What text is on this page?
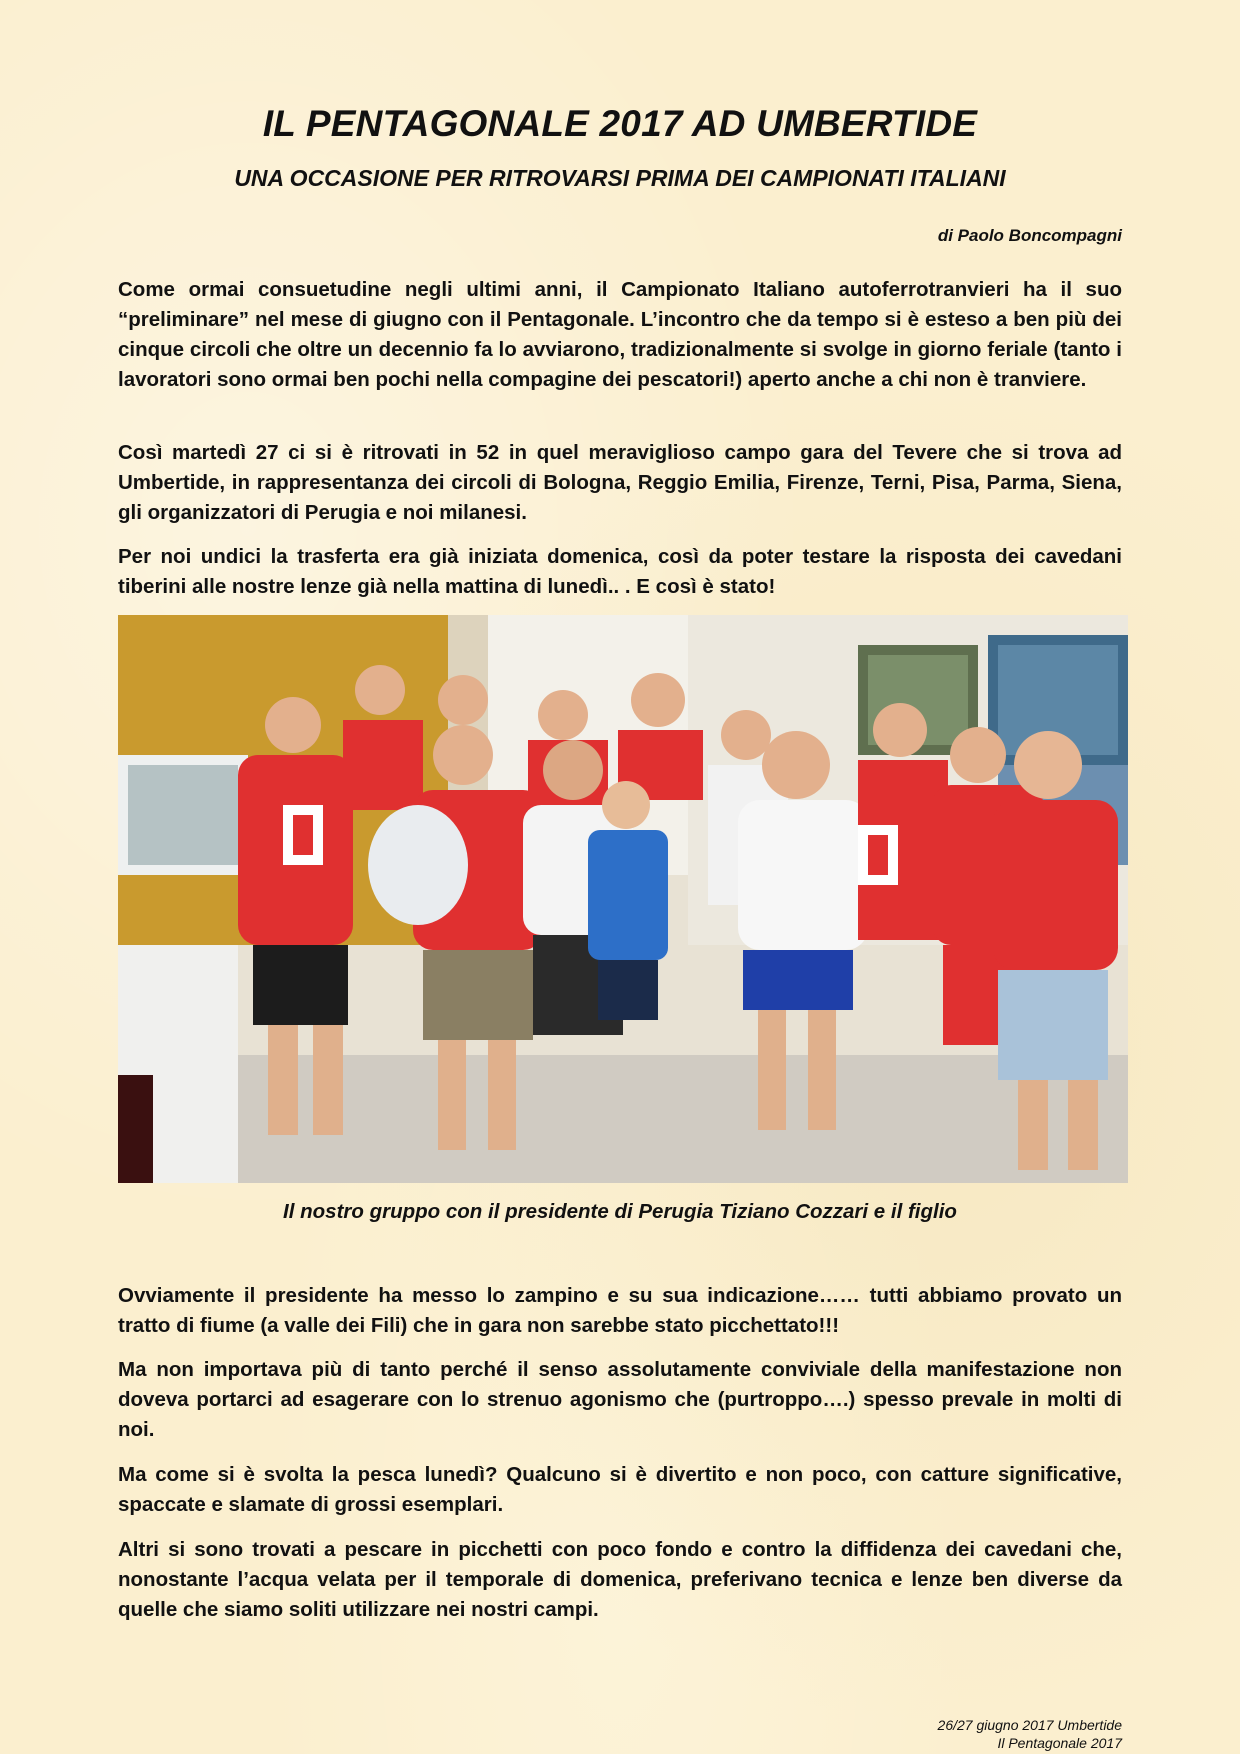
IL PENTAGONALE 2017 AD UMBERTIDE
UNA OCCASIONE PER RITROVARSI PRIMA DEI CAMPIONATI ITALIANI

di Paolo Boncompagni

Come ormai consuetudine negli ultimi anni, il Campionato Italiano autoferrotranvieri ha il suo “preliminare” nel mese di giugno con il Pentagonale. L’incontro che da tempo si è esteso a ben più dei cinque circoli che oltre un decennio fa lo avviarono, tradizionalmente si svolge in giorno feriale (tanto i lavoratori sono ormai ben pochi nella compagine dei pescatori!) aperto anche a chi non è tranviere.

Così martedì 27 ci si è ritrovati in 52 in quel meraviglioso campo gara del Tevere che si trova ad Umbertide, in rappresentanza dei circoli di Bologna, Reggio Emilia, Firenze, Terni, Pisa, Parma, Siena, gli organizzatori di Perugia e noi milanesi.

Per noi undici la trasferta era già iniziata domenica, così da poter testare la risposta dei cavedani tiberini alle nostre lenze già nella mattina di lunedì.. . E così è stato!

Il nostro gruppo con il presidente di Perugia Tiziano Cozzari e il figlio

Ovviamente il presidente ha messo lo zampino e su sua indicazione…… tutti abbiamo provato un tratto di fiume (a valle dei Fili) che in gara non sarebbe stato picchettato!!!

Ma non importava più di tanto perché il senso assolutamente conviviale della manifestazione non doveva portarci ad esagerare con lo strenuo agonismo che (purtroppo….) spesso prevale in molti di noi.

Ma come si è svolta la pesca lunedì? Qualcuno si è divertito e non poco, con catture significative, spaccate e slamate di grossi esemplari.

Altri si sono trovati a pescare in picchetti con poco fondo e contro la diffidenza dei cavedani che, nonostante l’acqua velata per il temporale di domenica, preferivano tecnica e lenze ben diverse da quelle che siamo soliti utilizzare nei nostri campi.

26/27 giugno 2017 Umbertide
Il Pentagonale 2017
